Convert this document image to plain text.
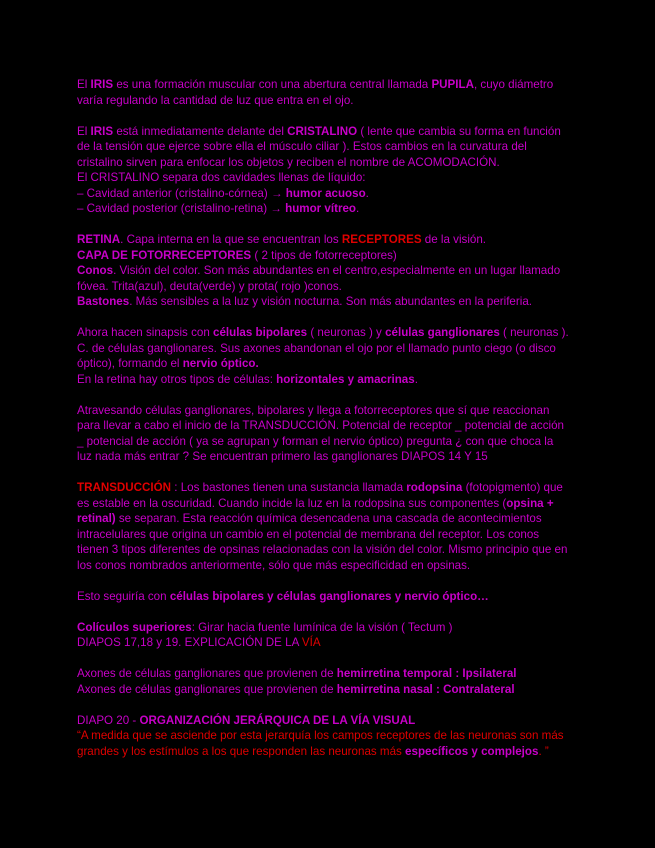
El IRIS es una formación muscular con una abertura central llamada PUPILA, cuyo diámetro
varía regulando la cantidad de luz que entra en el ojo.

El IRIS está inmediatamente delante del CRISTALINO ( lente que cambia su forma en función
de la tensión que ejerce sobre ella el músculo ciliar ). Estos cambios en la curvatura del
cristalino sirven para enfocar los objetos y reciben el nombre de ACOMODACIÓN.
El CRISTALINO separa dos cavidades llenas de líquido:
– Cavidad anterior (cristalino-córnea) → humor acuoso.
– Cavidad posterior (cristalino-retina) → humor vítreo.

RETINA. Capa interna en la que se encuentran los RECEPTORES de la visión.
CAPA DE FOTORRECEPTORES ( 2 tipos de fotorreceptores)
Conos. Visión del color. Son más abundantes en el centro,especialmente en un lugar llamado
fóvea. Trita(azul), deuta(verde) y prota( rojo )conos.
Bastones. Más sensibles a la luz y visión nocturna. Son más abundantes en la periferia.

Ahora hacen sinapsis con células bipolares ( neuronas ) y células ganglionares ( neuronas ).
C. de células ganglionares. Sus axones abandonan el ojo por el llamado punto ciego (o disco
óptico), formando el nervio óptico.
En la retina hay otros tipos de células: horizontales y amacrinas.

Atravesando células ganglionares, bipolares y llega a fotorreceptores que sí que reaccionan
para llevar a cabo el inicio de la TRANSDUCCIÓN. Potencial de receptor _ potencial de acción
_ potencial de acción ( ya se agrupan y forman el nervio óptico) pregunta ¿ con que choca la
luz nada más entrar ? Se encuentran primero las ganglionares DIAPOS 14 Y 15

TRANSDUCCIÓN : Los bastones tienen una sustancia llamada rodopsina (fotopigmento) que
es estable en la oscuridad. Cuando incide la luz en la rodopsina sus componentes (opsina +
retinal) se separan. Esta reacción química desencadena una cascada de acontecimientos
intracelulares que origina un cambio en el potencial de membrana del receptor. Los conos
tienen 3 tipos diferentes de opsinas relacionadas con la visión del color. Mismo principio que en
los conos nombrados anteriormente, sólo que más especificidad en opsinas.

Esto seguiría con células bipolares y células ganglionares y nervio óptico…

Colículos superiores: Girar hacia fuente lumínica de la visión ( Tectum )
DIAPOS 17,18 y 19. EXPLICACIÓN DE LA VÍA

Axones de células ganglionares que provienen de hemirretina temporal : Ipsilateral
Axones de células ganglionares que provienen de hemirretina nasal : Contralateral

DIAPO 20 - ORGANIZACIÓN JERÁRQUICA DE LA VÍA VISUAL
“A medida que se asciende por esta jerarquía los campos receptores de las neuronas son más
grandes y los estímulos a los que responden las neuronas más específicos y complejos. ”
